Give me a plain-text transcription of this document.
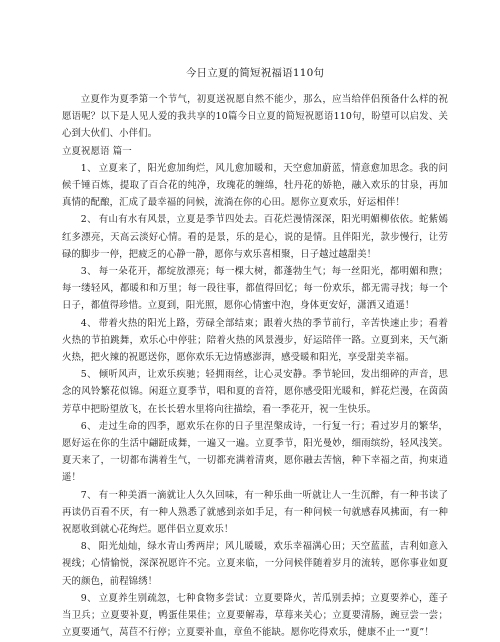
今日立夏的简短祝福语110句

立夏作为夏季第一个节气，初夏送祝愿自然不能少，那么，应当给伴侣预备什么样的祝愿语呢？以下是人见人爱的我共享的10篇今日立夏的简短祝愿语110句，盼望可以启发、关心到大伙们、小伴们。

立夏祝愿语 篇一

1、 立夏来了，阳光愈加绚烂，风儿愈加暖和，天空愈加蔚蓝，情意愈加思念。我的问候千锤百炼，提取了百合花的纯净，玫瑰花的缠绵，牡丹花的娇艳，融入欢乐的甘泉，再加真情的配酿，汇成了最幸福的问候，流淌在你的心田。愿你立夏欢乐，好运相伴！

2、 有山有水有风景，立夏是季节四处去。百花烂漫情深深，阳光明媚柳依依。蛇紫嫣红多漂亮，天高云淡好心情。看的是景，乐的是心，说的是情。且伴阳光，款步慢行，让劳碌的脚步一停，把疲乏的心静一静，愿你与欢乐喜相聚，日子越过越甜美！

3、 每一朵花开，都绽放漂亮；每一棵大树，都蓬勃生气；每一丝阳光，都明媚和煦；每一缕轻风，都暖和和万里；每一段往事，都值得回忆；每一份欢乐，都无需寻找；每一个日子，都值得珍惜。立夏到，阳光照，愿你心情蜜中泡，身体更安好，潇洒又逍遥！

4、 带着火热的阳光上路，劳碌全部结束；跟着火热的季节前行，辛苦快速止步；看着火热的节拍跳舞，欢乐心中停驻；陪着火热的风景漫步，好运陪伴一路。立夏到来，天气渐火热，把火辣的祝愿送你，愿你欢乐无边情感澎湃，感受暖和阳光，享受甜美幸福。

5、 倾听风声，让欢乐疾驰；轻拥雨丝，让心灵安静。季节轮回，发出细碎的声音，思念的风铃繁花似锦。闲逛立夏季节，唱和夏的音符，愿你感受阳光暖和，鲜花烂漫，在茵茵芳草中把盼望放飞，在长长碧水里将向往描绘，看一季花开，祝一生快乐。

6、 走过生命的四季，愿欢乐在你的日子里涅槃成诗，一行复一行；看过岁月的繁华，愿好运在你的生活中翩跹成舞，一遍又一遍。立夏季节，阳光曼妙，细雨缤纷，轻风浅笑。夏天来了，一切都布满着生气，一切都充满着清爽，愿你融去苦恼，种下幸福之苗，拘束逍遥！

7、 有一种美酒一滴就让人久久回味，有一种乐曲一听就让人一生沉醉，有一种书读了再读仍百看不厌，有一种人熟悉了就感到亲如手足，有一种问候一句就感春风拂面，有一种祝愿收到就心花绚烂。愿伴侣立夏欢乐！

8、 阳光灿灿，绿水青山秀两岸；风儿暖暖，欢乐幸福满心田；天空蓝蓝，吉利如意入视线；心情愉悦，深深祝愿许不完。立夏来临，一分问候伴随着岁月的流转，愿你事业如夏天的颜色，前程锦绣！

9、 立夏养生别疏忽，七种食物多尝试：立夏要降火，苦瓜别丢掉；立夏要养心，莲子当卫兵；立夏要补夏，鸭蛋佳果佳；立夏要解毒，草莓来关心；立夏要清肠，豌豆尝一尝；立夏要通气，莴苣不行停；立夏要补血，章鱼不能缺。愿你吃得欢乐，健康不止一“夏”！
